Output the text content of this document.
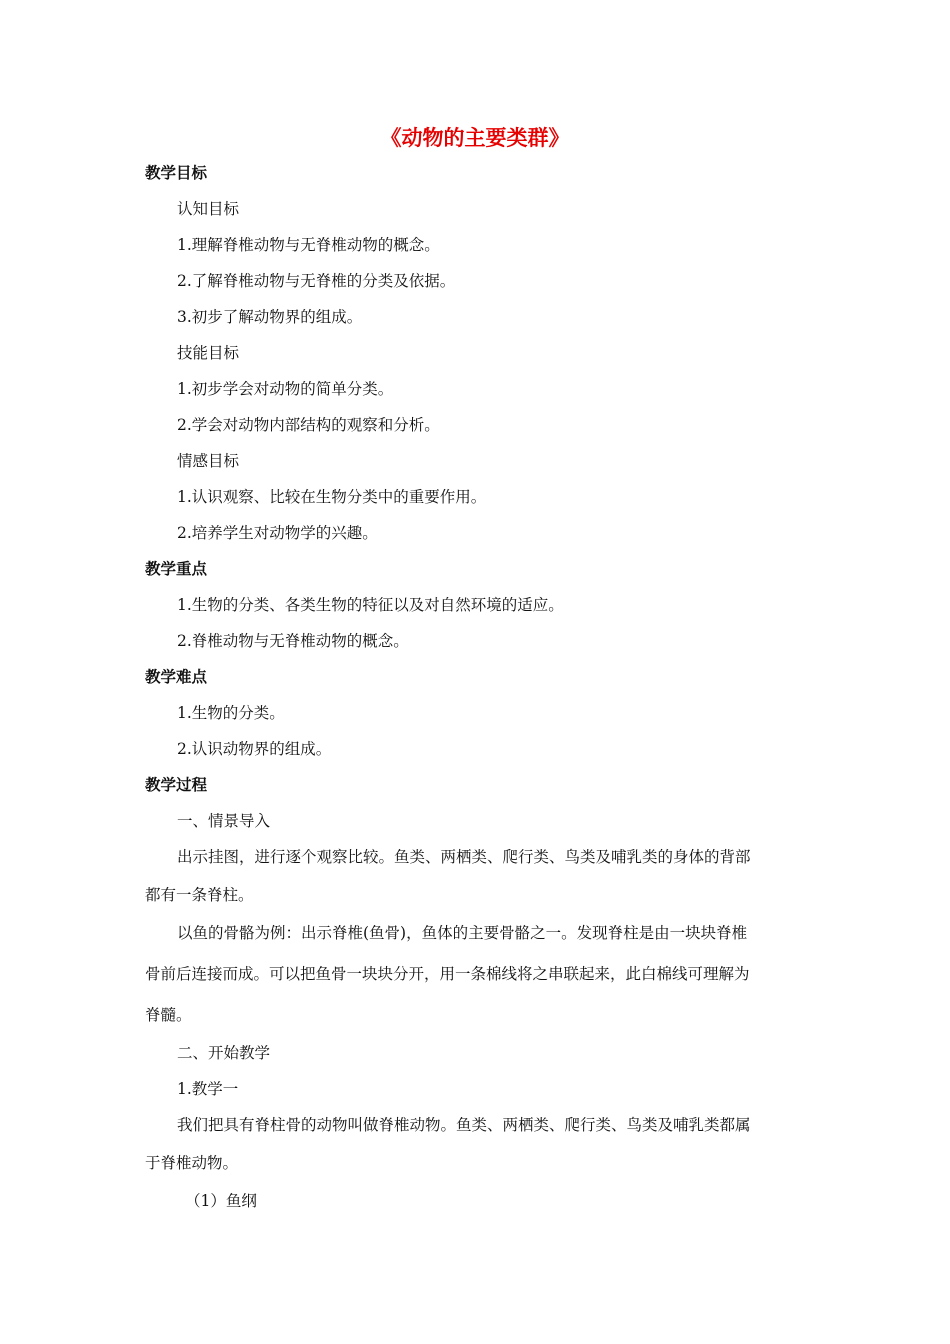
《动物的主要类群》
教学目标
认知目标
1.理解脊椎动物与无脊椎动物的概念。
2.了解脊椎动物与无脊椎的分类及依据。
3.初步了解动物界的组成。
技能目标
1.初步学会对动物的简单分类。
2.学会对动物内部结构的观察和分析。
情感目标
1.认识观察、比较在生物分类中的重要作用。
2.培养学生对动物学的兴趣。
教学重点
1.生物的分类、各类生物的特征以及对自然环境的适应。
2.脊椎动物与无脊椎动物的概念。
教学难点
1.生物的分类。
2.认识动物界的组成。
教学过程
一、情景导入
出示挂图，进行逐个观察比较。鱼类、两栖类、爬行类、鸟类及哺乳类的身体的背部
都有一条脊柱。
以鱼的骨骼为例：出示脊椎(鱼骨)，鱼体的主要骨骼之一。发现脊柱是由一块块脊椎
骨前后连接而成。可以把鱼骨一块块分开，用一条棉线将之串联起来，此白棉线可理解为
脊髓。
二、开始教学
1.教学一
我们把具有脊柱骨的动物叫做脊椎动物。鱼类、两栖类、爬行类、鸟类及哺乳类都属
于脊椎动物。
（1）鱼纲
